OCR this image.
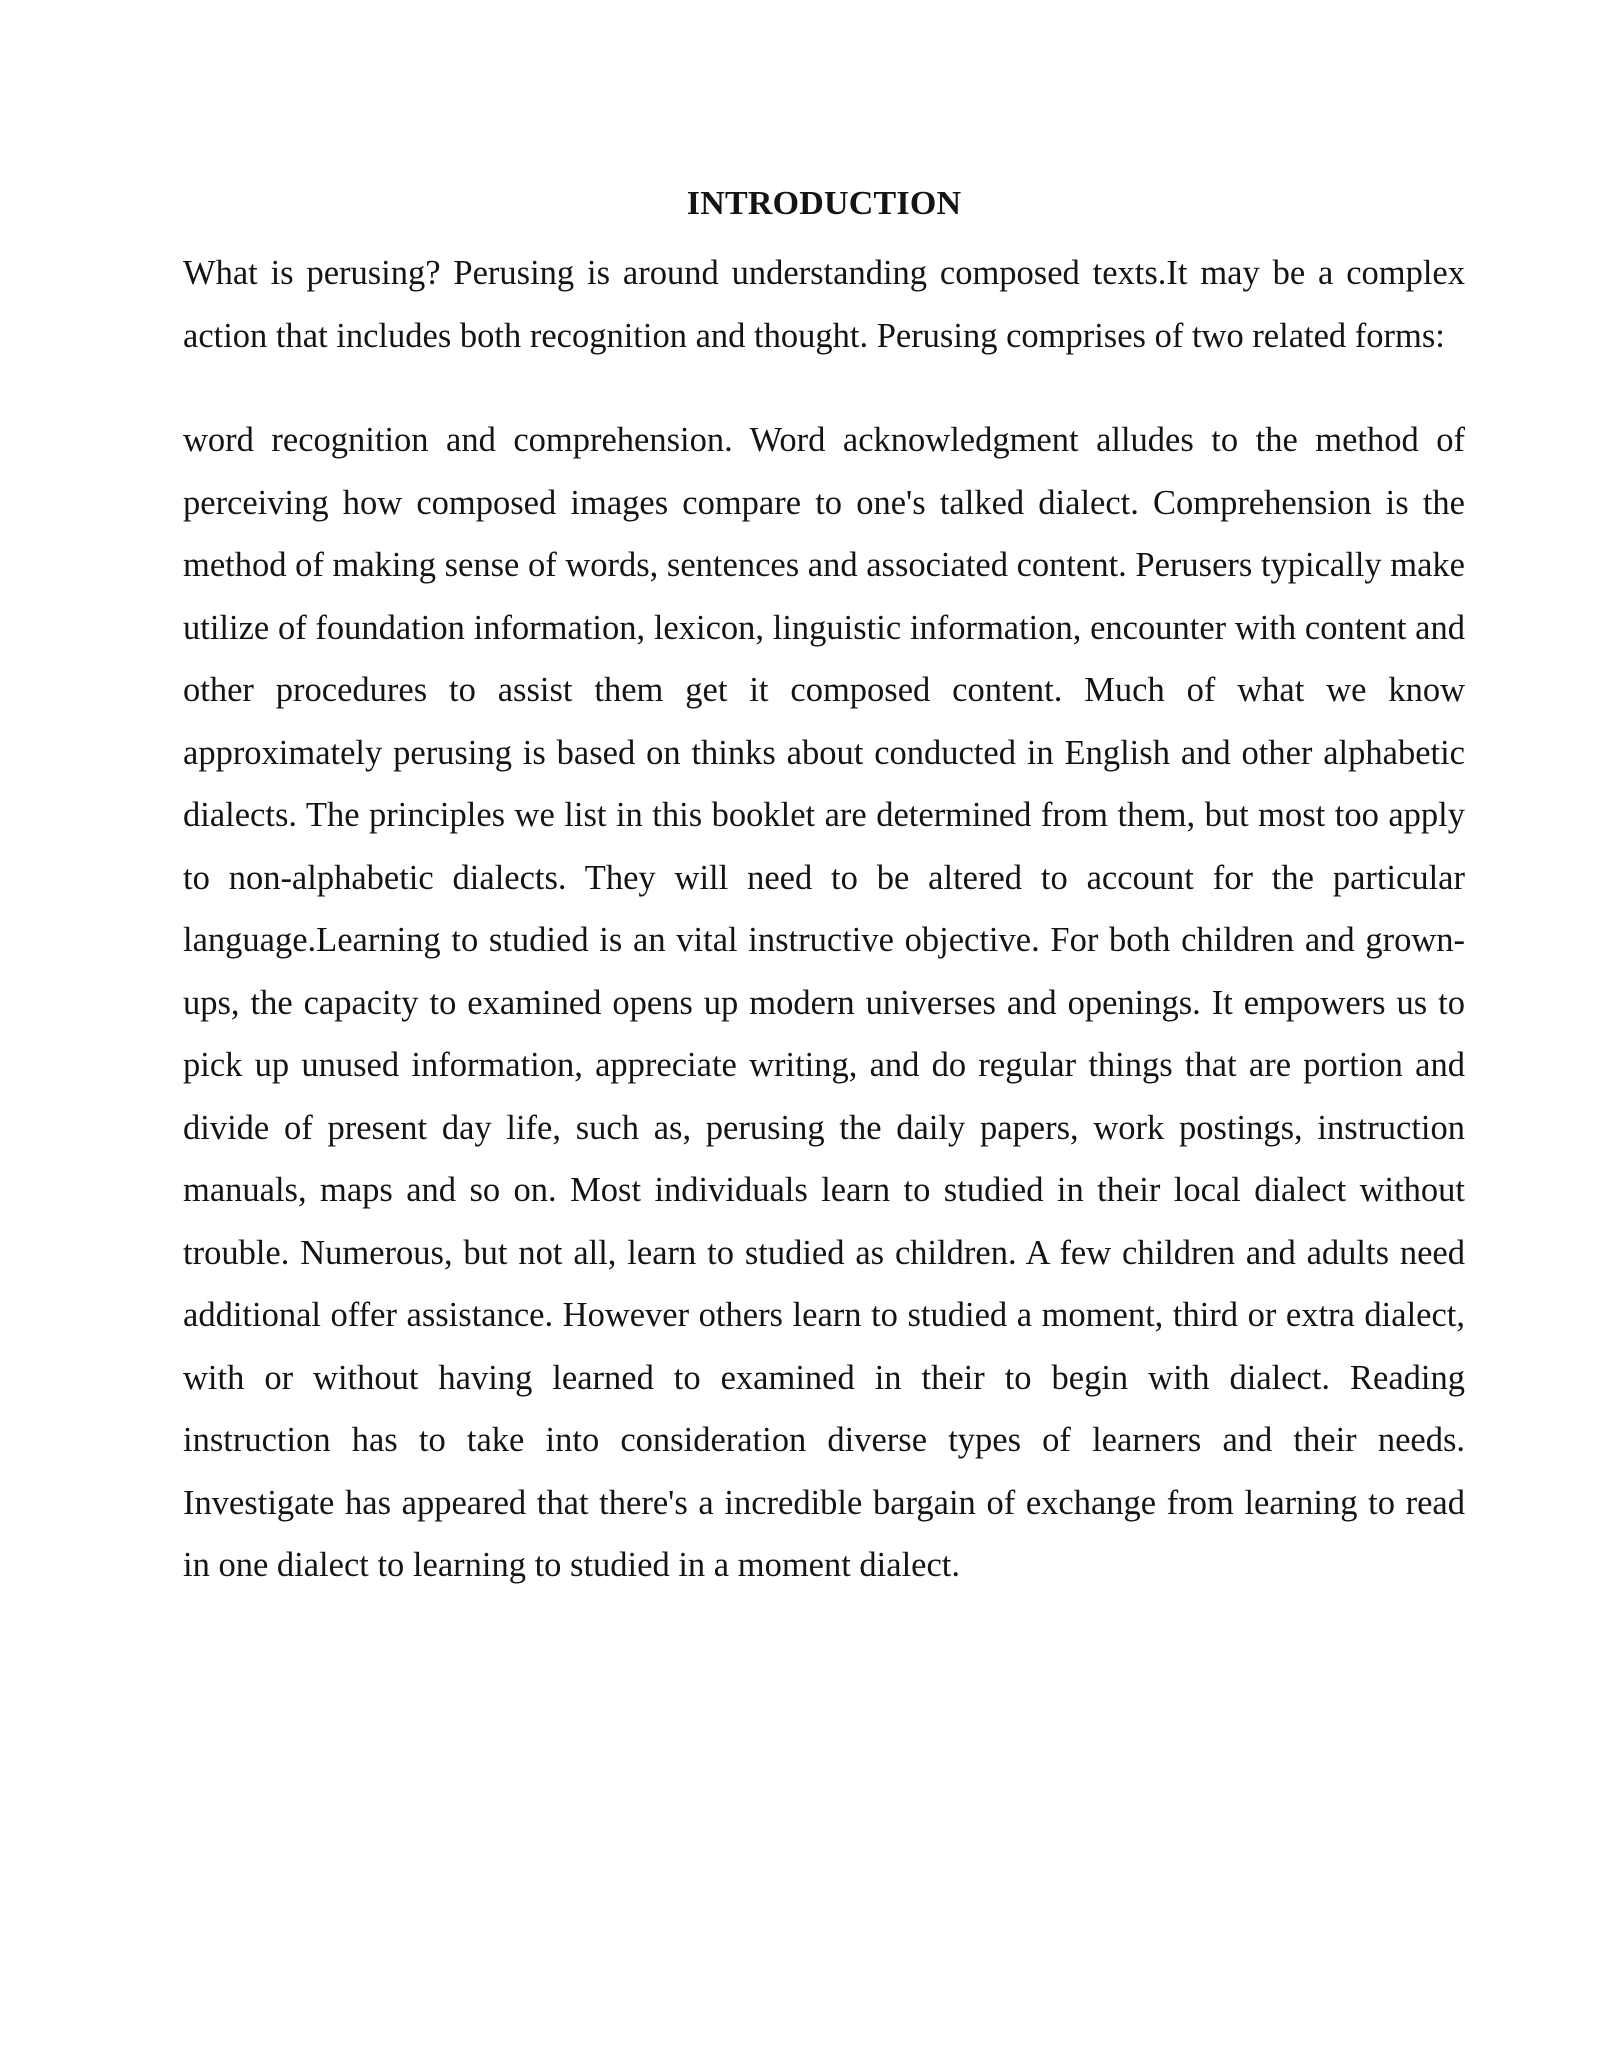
INTRODUCTION

What is perusing? Perusing is around understanding composed texts.It may be a complex action that includes both recognition and thought. Perusing comprises of two related forms:

word recognition and comprehension. Word acknowledgment alludes to the method of perceiving how composed images compare to one's talked dialect. Comprehension is the method of making sense of words, sentences and associated content. Perusers typically make utilize of foundation information, lexicon, linguistic information, encounter with content and other procedures to assist them get it composed content. Much of what we know approximately perusing is based on thinks about conducted in English and other alphabetic dialects. The principles we list in this booklet are determined from them, but most too apply to non-alphabetic dialects. They will need to be altered to account for the particular language.Learning to studied is an vital instructive objective. For both children and grown-ups, the capacity to examined opens up modern universes and openings. It empowers us to pick up unused information, appreciate writing, and do regular things that are portion and divide of present day life, such as, perusing the daily papers, work postings, instruction manuals, maps and so on. Most individuals learn to studied in their local dialect without trouble. Numerous, but not all, learn to studied as children. A few children and adults need additional offer assistance. However others learn to studied a moment, third or extra dialect, with or without having learned to examined in their to begin with dialect. Reading instruction has to take into consideration diverse types of learners and their needs. Investigate has appeared that there's a incredible bargain of exchange from learning to read in one dialect to learning to studied in a moment dialect.
